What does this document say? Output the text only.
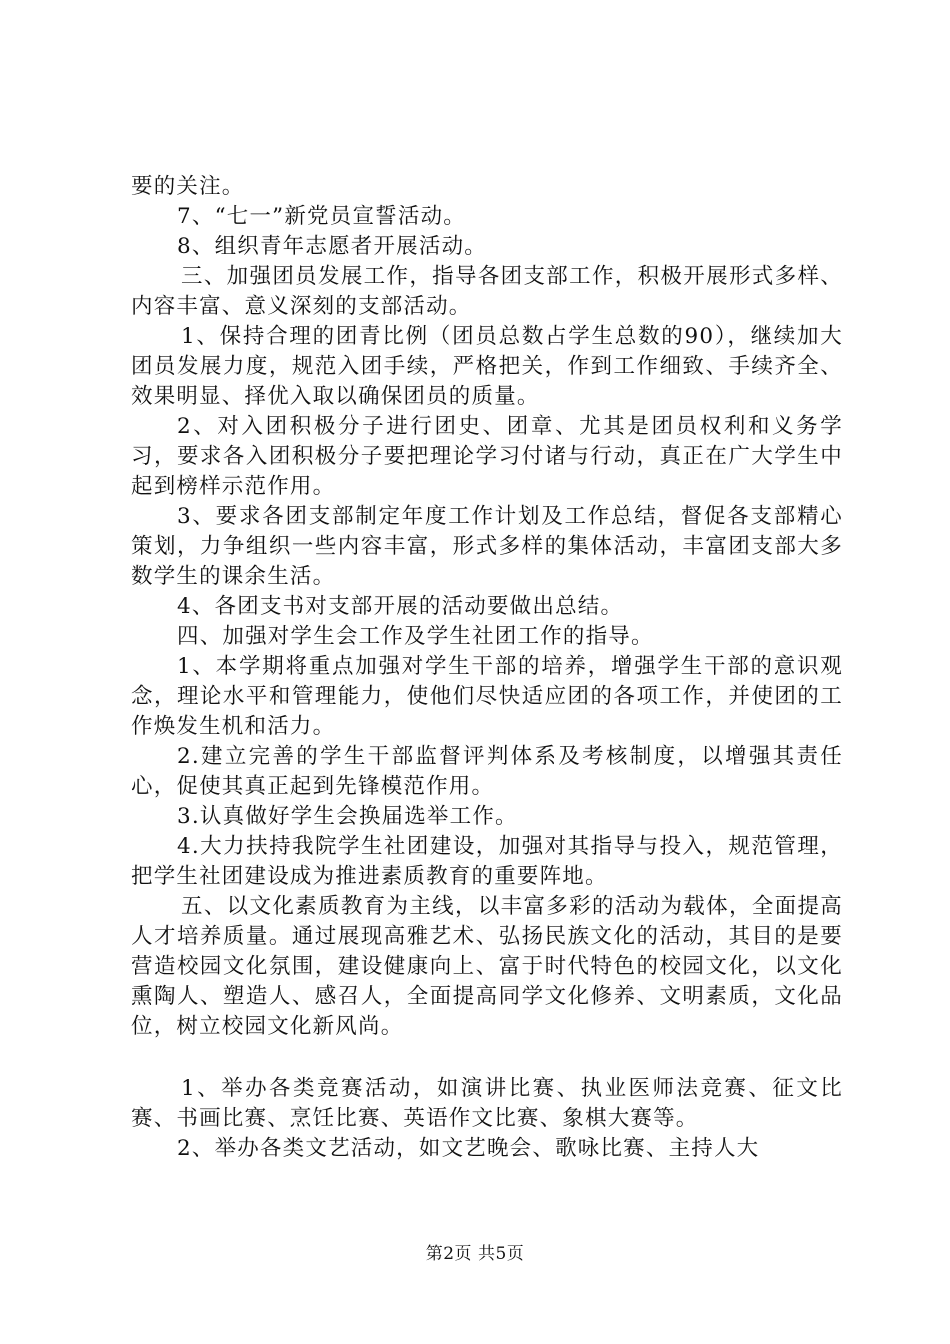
要的关注。

7、“七一”新党员宣誓活动。

8、组织青年志愿者开展活动。

三、加强团员发展工作，指导各团支部工作，积极开展形式多样、内容丰富、意义深刻的支部活动。

1、保持合理的团青比例（团员总数占学生总数的90），继续加大团员发展力度，规范入团手续，严格把关，作到工作细致、手续齐全、效果明显、择优入取以确保团员的质量。

2、对入团积极分子进行团史、团章、尤其是团员权利和义务学习，要求各入团积极分子要把理论学习付诸与行动，真正在广大学生中起到榜样示范作用。

3、要求各团支部制定年度工作计划及工作总结，督促各支部精心策划，力争组织一些内容丰富，形式多样的集体活动，丰富团支部大多数学生的课余生活。

4、各团支书对支部开展的活动要做出总结。

四、加强对学生会工作及学生社团工作的指导。

1、本学期将重点加强对学生干部的培养，增强学生干部的意识观念，理论水平和管理能力，使他们尽快适应团的各项工作，并使团的工作焕发生机和活力。

2.建立完善的学生干部监督评判体系及考核制度，以增强其责任心，促使其真正起到先锋模范作用。

3.认真做好学生会换届选举工作。

4.大力扶持我院学生社团建设，加强对其指导与投入，规范管理，把学生社团建设成为推进素质教育的重要阵地。

五、以文化素质教育为主线，以丰富多彩的活动为载体，全面提高人才培养质量。通过展现高雅艺术、弘扬民族文化的活动，其目的是要营造校园文化氛围，建设健康向上、富于时代特色的校园文化，以文化熏陶人、塑造人、感召人，全面提高同学文化修养、文明素质，文化品位，树立校园文化新风尚。

1、举办各类竞赛活动，如演讲比赛、执业医师法竞赛、征文比赛、书画比赛、烹饪比赛、英语作文比赛、象棋大赛等。

2、举办各类文艺活动，如文艺晚会、歌咏比赛、主持人大

第2页 共5页
